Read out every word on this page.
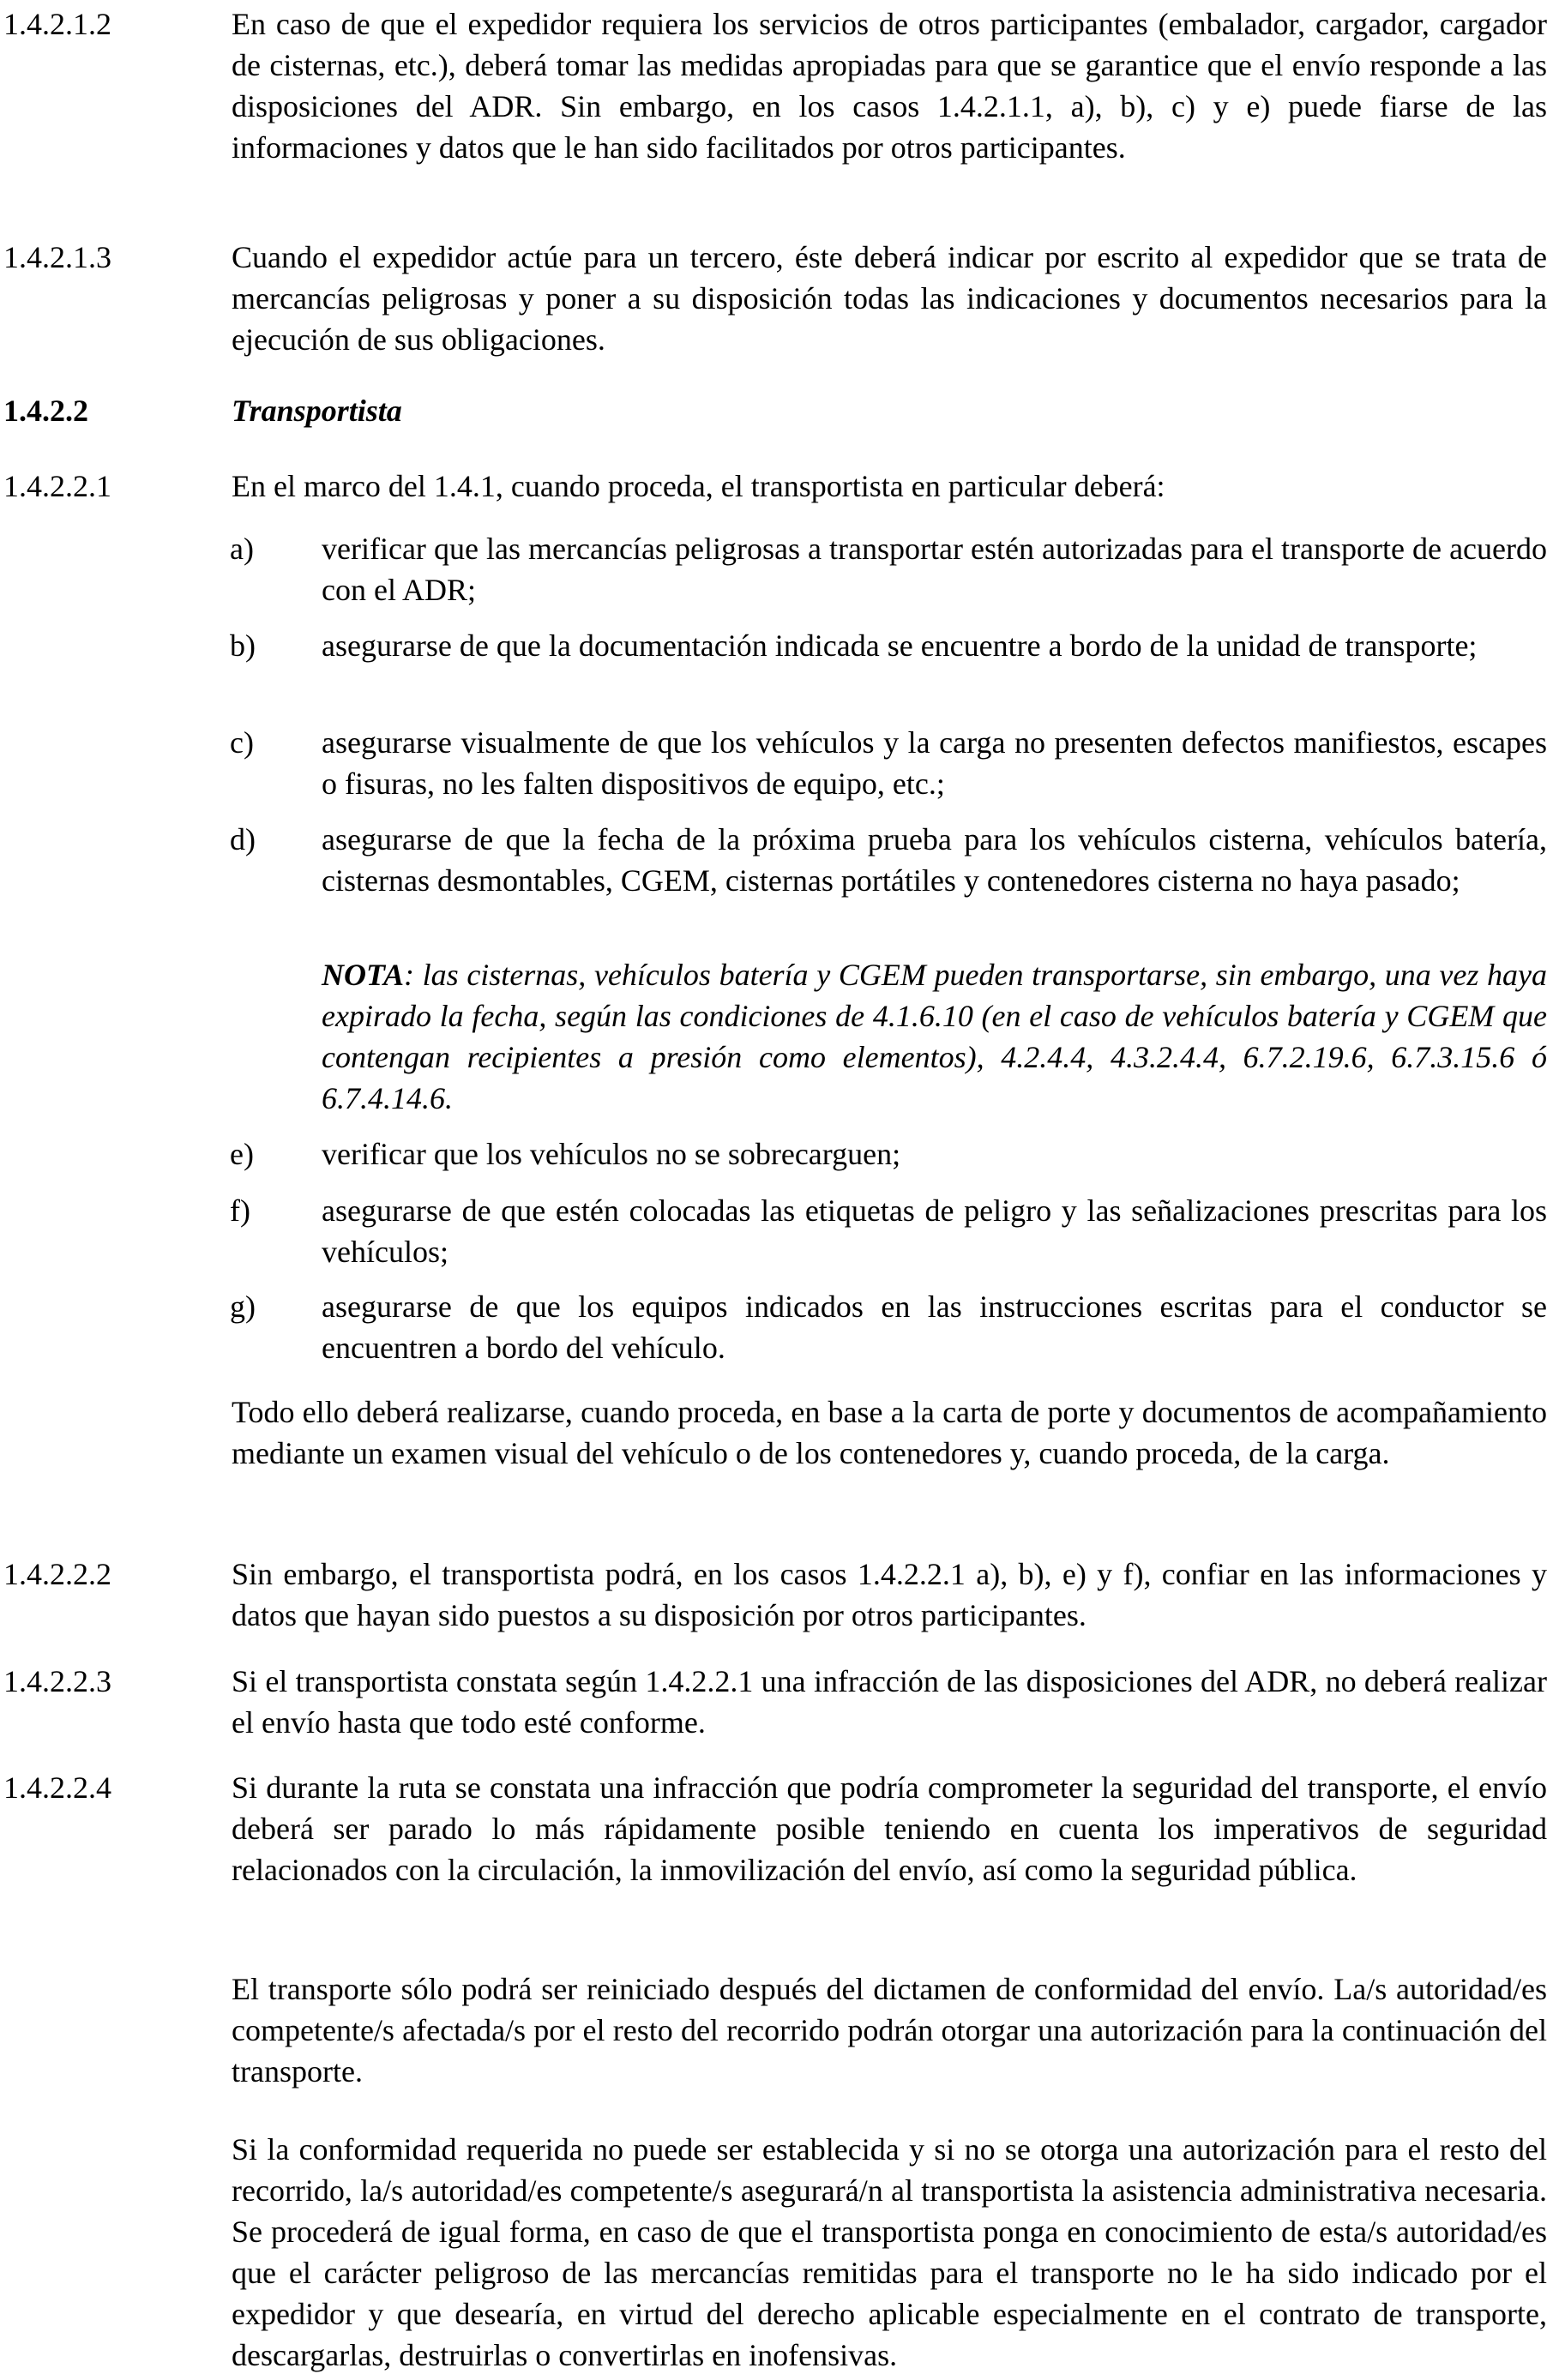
1.4.2.1.2	En caso de que el expedidor requiera los servicios de otros participantes (embalador, cargador, cargador de cisternas, etc.), deberá tomar las medidas apropiadas para que se garantice que el envío responde a las disposiciones del ADR. Sin embargo, en los casos 1.4.2.1.1, a), b), c) y e) puede fiarse de las informaciones y datos que le han sido facilitados por otros participantes.
1.4.2.1.3	Cuando el expedidor actúe para un tercero, éste deberá indicar por escrito al expedidor que se trata de mercancías peligrosas y poner a su disposición todas las indicaciones y documentos necesarios para la ejecución de sus obligaciones.
1.4.2.2	Transportista
1.4.2.2.1	En el marco del 1.4.1, cuando proceda, el transportista en particular deberá:
a) verificar que las mercancías peligrosas a transportar estén autorizadas para el transporte de acuerdo con el ADR;
b) asegurarse de que la documentación indicada se encuentre a bordo de la unidad de transporte;
c) asegurarse visualmente de que los vehículos y la carga no presenten defectos manifiestos, escapes o fisuras, no les falten dispositivos de equipo, etc.;
d) asegurarse de que la fecha de la próxima prueba para los vehículos cisterna, vehículos batería, cisternas desmontables, CGEM, cisternas portátiles y contenedores cisterna no haya pasado;
NOTA: las cisternas, vehículos batería y CGEM pueden transportarse, sin embargo, una vez haya expirado la fecha, según las condiciones de 4.1.6.10 (en el caso de vehículos batería y CGEM que contengan recipientes a presión como elementos), 4.2.4.4, 4.3.2.4.4, 6.7.2.19.6, 6.7.3.15.6 ó 6.7.4.14.6.
e) verificar que los vehículos no se sobrecarguen;
f) asegurarse de que estén colocadas las etiquetas de peligro y las señalizaciones prescritas para los vehículos;
g) asegurarse de que los equipos indicados en las instrucciones escritas para el conductor se encuentren a bordo del vehículo.
Todo ello deberá realizarse, cuando proceda, en base a la carta de porte y documentos de acompañamiento mediante un examen visual del vehículo o de los contenedores y, cuando proceda, de la carga.
1.4.2.2.2	Sin embargo, el transportista podrá, en los casos 1.4.2.2.1 a), b), e) y f), confiar en las informaciones y datos que hayan sido puestos a su disposición por otros participantes.
1.4.2.2.3	Si el transportista constata según 1.4.2.2.1 una infracción de las disposiciones del ADR, no deberá realizar el envío hasta que todo esté conforme.
1.4.2.2.4	Si durante la ruta se constata una infracción que podría comprometer la seguridad del transporte, el envío deberá ser parado lo más rápidamente posible teniendo en cuenta los imperativos de seguridad relacionados con la circulación, la inmovilización del envío, así como la seguridad pública.
El transporte sólo podrá ser reiniciado después del dictamen de conformidad del envío. La/s autoridad/es competente/s afectada/s por el resto del recorrido podrán otorgar una autorización para la continuación del transporte.
Si la conformidad requerida no puede ser establecida y si no se otorga una autorización para el resto del recorrido, la/s autoridad/es competente/s asegurará/n al transportista la asistencia administrativa necesaria. Se procederá de igual forma, en caso de que el transportista ponga en conocimiento de esta/s autoridad/es que el carácter peligroso de las mercancías remitidas para el transporte no le ha sido indicado por el expedidor y que desearía, en virtud del derecho aplicable especialmente en el contrato de transporte, descargarlas, destruirlas o convertirlas en inofensivas.
